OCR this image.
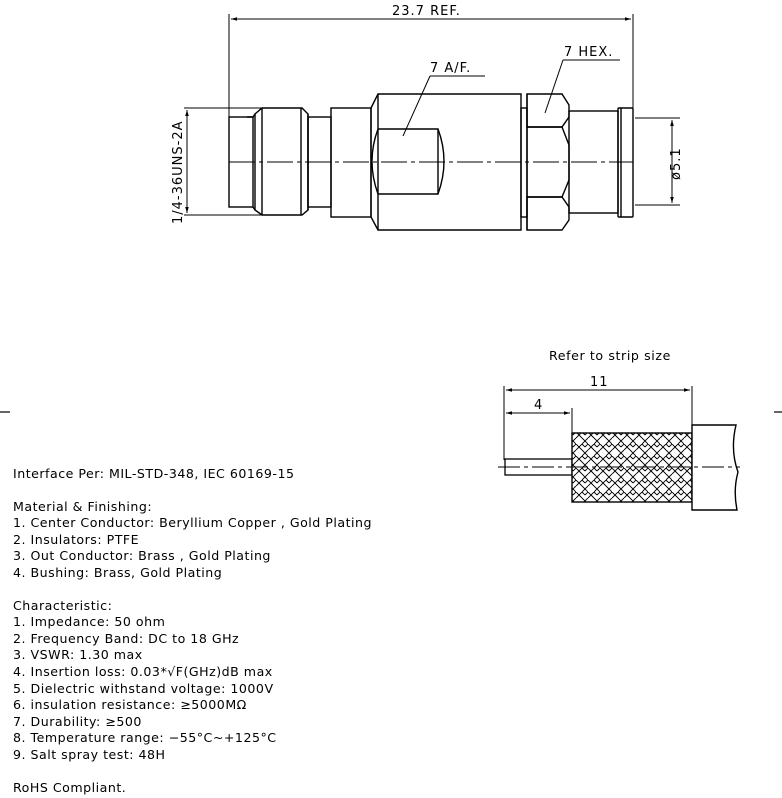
23.7 REF.
1/4-36UNS-2A	ø5.1
7 A/F.
7 HEX.
11
4
Refer to strip size
Interface Per: MIL-STD-348, IEC 60169-15
Material & Finishing:
1. Center Conductor: Beryllium Copper , Gold Plating
2. Insulators: PTFE
3. Out Conductor: Brass , Gold Plating
4. Bushing: Brass, Gold Plating
Characteristic:
1. Impedance: 50 ohm
2. Frequency Band: DC to 18 GHz
3. VSWR: 1.30 max
4. Insertion loss: 0.03*√F(GHz)dB max
5. Dielectric withstand voltage: 1000V
6. insulation resistance: ≥5000MΩ
7. Durability: ≥500
8. Temperature range: −55°C~+125°C
9. Salt spray test: 48H
RoHS Compliant.
